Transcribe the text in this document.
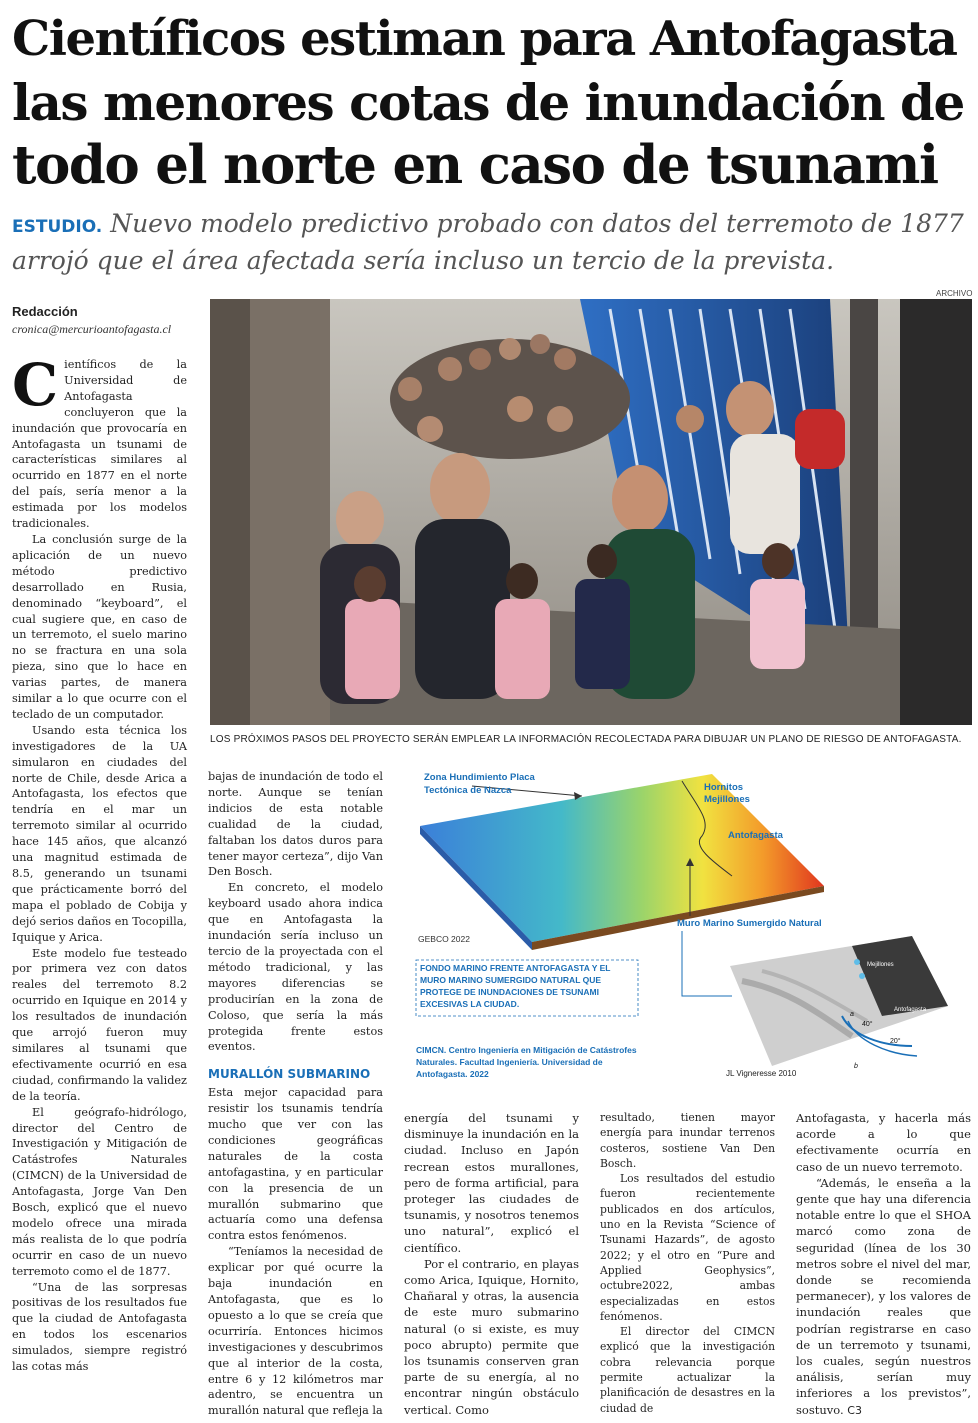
Científicos estiman para Antofagasta
las menores cotas de inundación de
todo el norte en caso de tsunami
ESTUDIO. Nuevo modelo predictivo probado con datos del terremoto de 1877 arrojó que el área afectada sería incluso un tercio de la prevista.
Redacción
cronica@mercurioantofagasta.cl
ARCHIVO
LOS PRÓXIMOS PASOS DEL PROYECTO SERÁN EMPLEAR LA INFORMACIÓN RECOLECTADA PARA DIBUJAR UN PLANO DE RIESGO DE ANTOFAGASTA.
Zona Hundimiento Placa
Tectónica de Nazca	Hornitos
Mejillones
Antofagasta
Muro Marino Sumergido Natural
GEBCO 2022
FONDO MARINO FRENTE ANTOFAGASTA Y EL MURO MARINO SUMERGIDO NATURAL QUE PROTEGE DE INUNDACIONES DE TSUNAMI EXCESIVAS LA CIUDAD.
CIMCN. Centro Ingeniería en Mitigación de Catástrofes Naturales. Facultad Ingeniería. Universidad de Antofagasta. 2022
Mejillones
Antofagasta
40°
20°
a
b
JL Vigneresse 2010

Científicos de la Universidad de Antofagasta concluyeron que la inundación que provocaría en Antofagasta un tsunami de características similares al ocurrido en 1877 en el norte del país, sería menor a la estimada por los modelos tradicionales.

La conclusión surge de la aplicación de un nuevo método predictivo desarrollado en Rusia, denominado “keyboard”, el cual sugiere que, en caso de un terremoto, el suelo marino no se fractura en una sola pieza, sino que lo hace en varias partes, de manera similar a lo que ocurre con el teclado de un computador.

Usando esta técnica los investigadores de la UA simularon en ciudades del norte de Chile, desde Arica a Antofagasta, los efectos que tendría en el mar un terremoto similar al ocurrido hace 145 años, que alcanzó una magnitud estimada de 8.5, generando un tsunami que prácticamente borró del mapa el poblado de Cobija y dejó serios daños en Tocopilla, Iquique y Arica.

Este modelo fue testeado por primera vez con datos reales del terremoto 8.2 ocurrido en Iquique en 2014 y los resultados de inundación que arrojó fueron muy similares al tsunami que efectivamente ocurrió en esa ciudad, confirmando la validez de la teoría.

El geógrafo-hidrólogo, director del Centro de Investigación y Mitigación de Catástrofes Naturales (CIMCN) de la Universidad de Antofagasta, Jorge Van Den Bosch, explicó que el nuevo modelo ofrece una mirada más realista de lo que podría ocurrir en caso de un nuevo terremoto como el de 1877.

“Una de las sorpresas positivas de los resultados fue que la ciudad de Antofagasta en todos los escenarios simulados, siempre registró las cotas más

bajas de inundación de todo el norte. Aunque se tenían indicios de esta notable cualidad de la ciudad, faltaban los datos duros para tener mayor certeza”, dijo Van Den Bosch.

En concreto, el modelo keyboard usado ahora indica que en Antofagasta la inundación sería incluso un tercio de la proyectada con el método tradicional, y las mayores diferencias se producirían en la zona de Coloso, que sería la más protegida frente estos eventos.

MURALLÓN SUBMARINO

Esta mejor capacidad para resistir los tsunamis tendría mucho que ver con las condiciones geográficas naturales de la costa antofagastina, y en particular con la presencia de un murallón submarino que actuaría como una defensa contra estos fenómenos.

“Teníamos la necesidad de explicar por qué ocurre la baja inundación en Antofagasta, que es lo opuesto a lo que se creía que ocurriría. Entonces hicimos investigaciones y descubrimos que al interior de la costa, entre 6 y 12 kilómetros mar adentro, se encuentra un murallón natural que refleja la

energía del tsunami y disminuye la inundación en la ciudad. Incluso en Japón recrean estos murallones, pero de forma artificial, para proteger las ciudades de tsunamis, y nosotros tenemos uno natural”, explicó el científico.

Por el contrario, en playas como Arica, Iquique, Hornito, Chañaral y otras, la ausencia de este muro submarino natural (o si existe, es muy poco abrupto) permite que los tsunamis conserven gran parte de su energía, al no encontrar ningún obstáculo vertical. Como

resultado, tienen mayor energía para inundar terrenos costeros, sostiene Van Den Bosch.

Los resultados del estudio fueron recientemente publicados en dos artículos, uno en la Revista “Science of Tsunami Hazards”, de agosto 2022; y el otro en “Pure and Applied Geophysics”, octubre2022, ambas especializadas en estos fenómenos.

El director del CIMCN explicó que la investigación cobra relevancia porque permite actualizar la planificación de desastres en la ciudad de

Antofagasta, y hacerla más acorde a lo que efectivamente ocurría en caso de un nuevo terremoto.

“Además, le enseña a la gente que hay una diferencia notable entre lo que el SHOA marcó como zona de seguridad (línea de los 30 metros sobre el nivel del mar, donde se recomienda permanecer), y los valores de inundación reales que podrían registrarse en caso de un terremoto y tsunami, los cuales, según nuestros análisis, serían muy inferiores a los previstos”, sostuvo. C3
